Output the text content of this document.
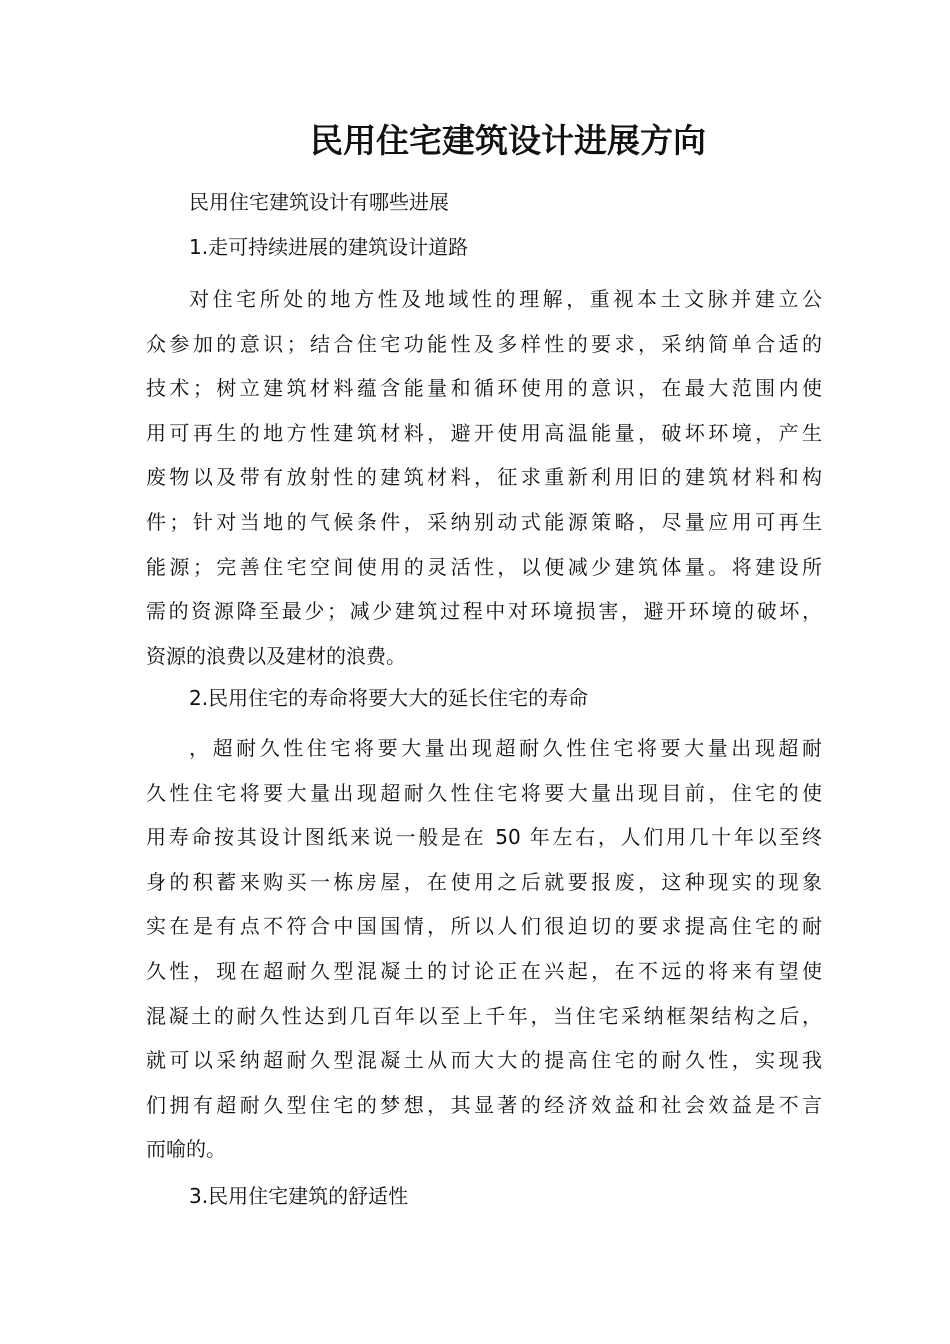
民用住宅建筑设计进展方向

民用住宅建筑设计有哪些进展

1.走可持续进展的建筑设计道路

对住宅所处的地方性及地域性的理解，重视本土文脉并建立公
众参加的意识；结合住宅功能性及多样性的要求，采纳简单合适的
技术；树立建筑材料蕴含能量和循环使用的意识，在最大范围内使
用可再生的地方性建筑材料，避开使用高温能量，破坏环境，产生
废物以及带有放射性的建筑材料，征求重新利用旧的建筑材料和构
件；针对当地的气候条件，采纳别动式能源策略，尽量应用可再生
能源；完善住宅空间使用的灵活性，以便减少建筑体量。将建设所
需的资源降至最少；减少建筑过程中对环境损害，避开环境的破坏，
资源的浪费以及建材的浪费。

2.民用住宅的寿命将要大大的延长住宅的寿命

，超耐久性住宅将要大量出现超耐久性住宅将要大量出现超耐
久性住宅将要大量出现超耐久性住宅将要大量出现目前，住宅的使
用寿命按其设计图纸来说一般是在 50 年左右，人们用几十年以至终
身的积蓄来购买一栋房屋，在使用之后就要报废，这种现实的现象
实在是有点不符合中国国情，所以人们很迫切的要求提高住宅的耐
久性，现在超耐久型混凝土的讨论正在兴起，在不远的将来有望使
混凝土的耐久性达到几百年以至上千年，当住宅采纳框架结构之后，
就可以采纳超耐久型混凝土从而大大的提高住宅的耐久性，实现我
们拥有超耐久型住宅的梦想，其显著的经济效益和社会效益是不言
而喻的。

3.民用住宅建筑的舒适性
